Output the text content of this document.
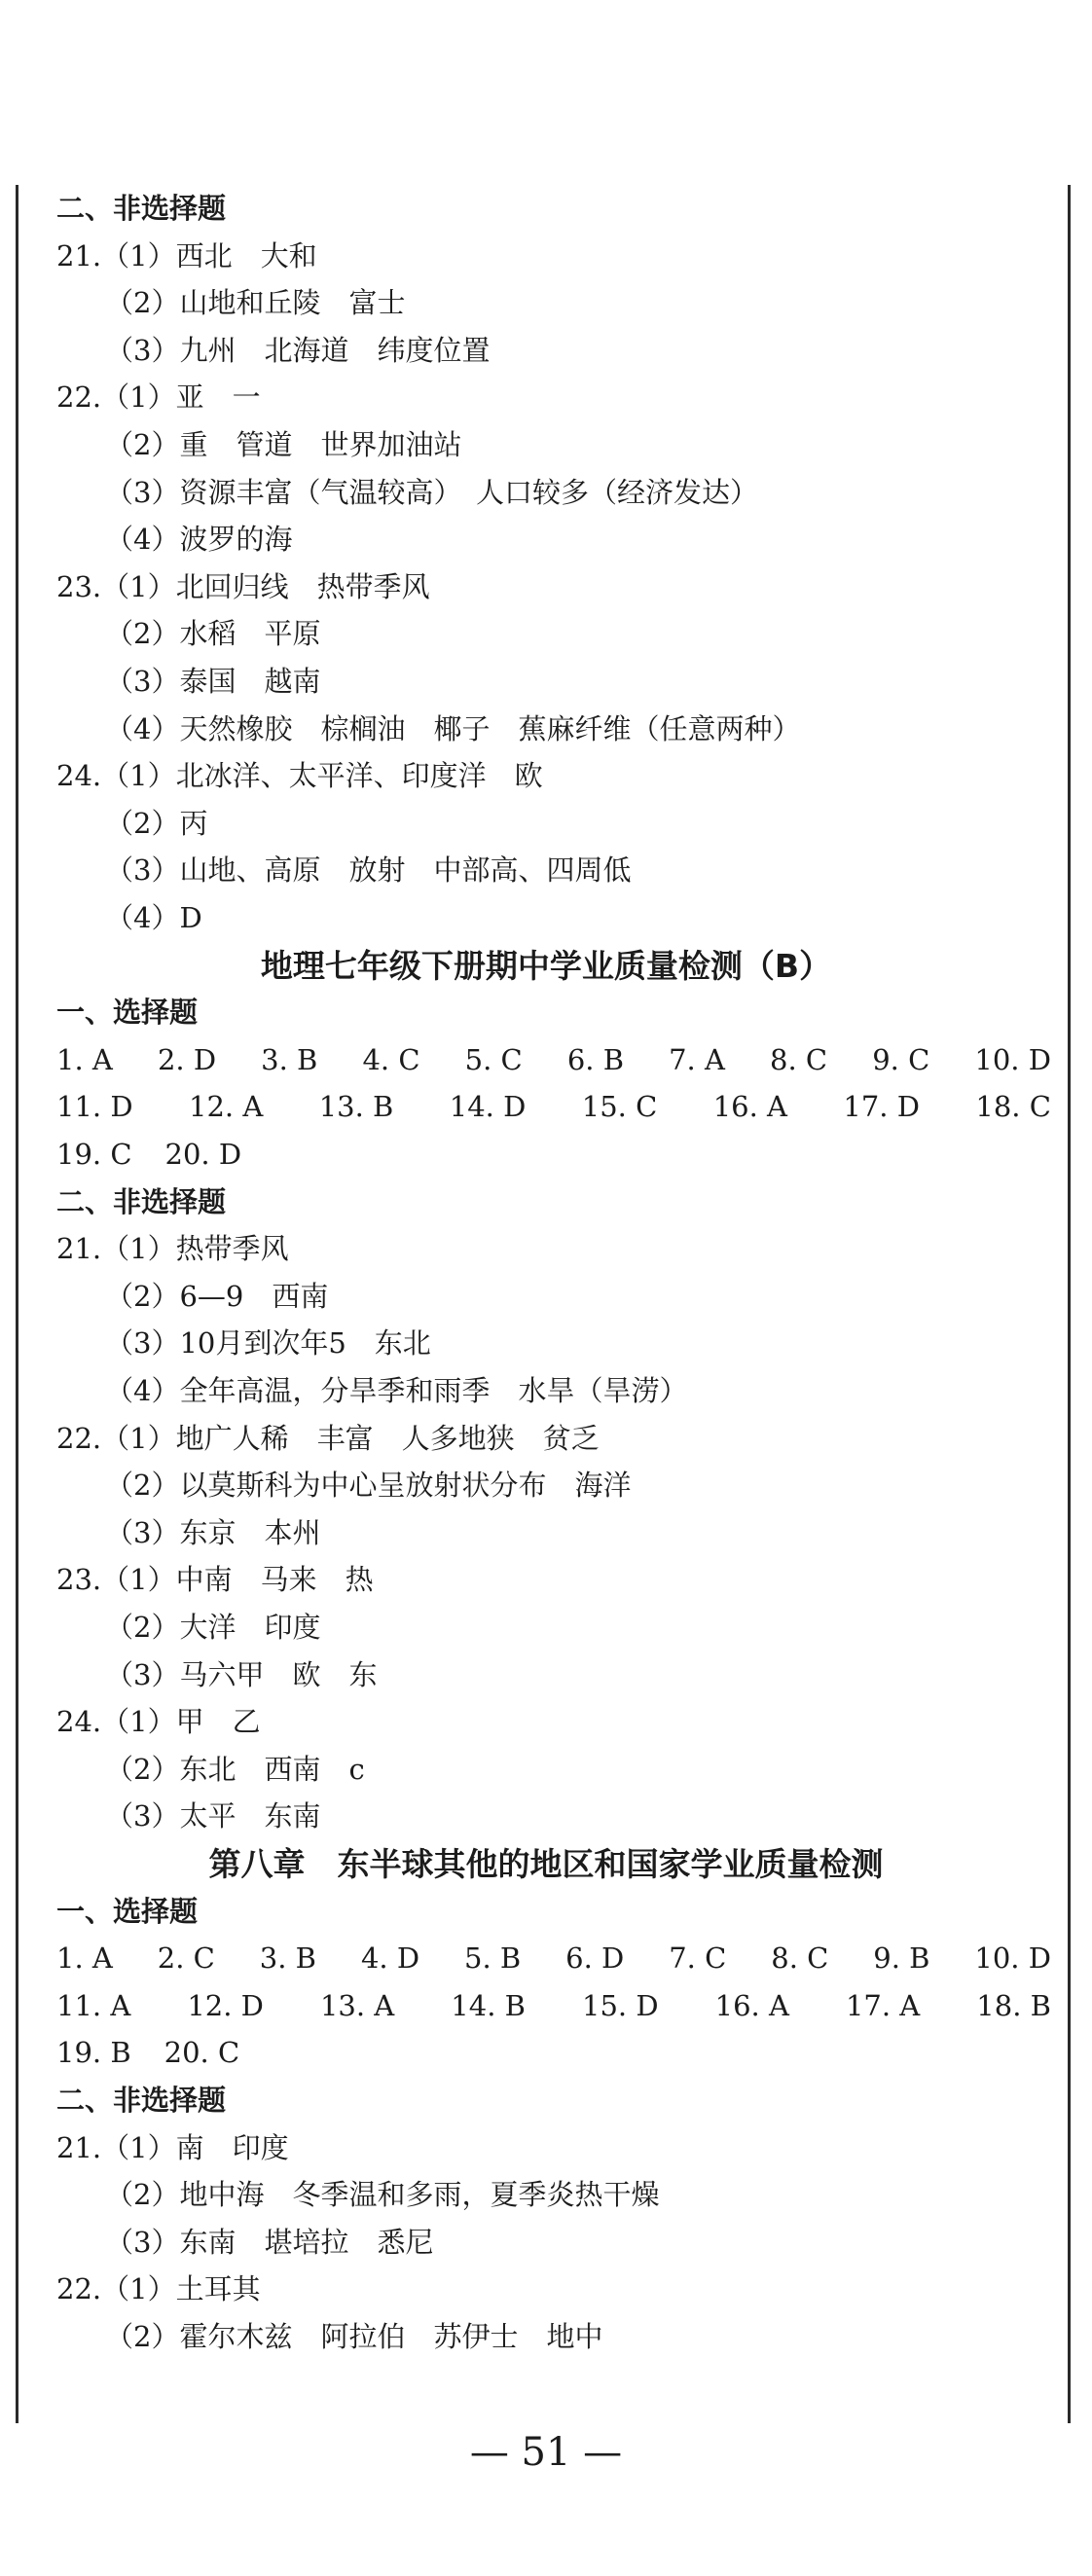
二、非选择题
21.（1）西北　大和
（2）山地和丘陵　富士
（3）九州　北海道　纬度位置
22.（1）亚　一
（2）重　管道　世界加油站
（3）资源丰富（气温较高）　人口较多（经济发达）
（4）波罗的海
23.（1）北回归线　热带季风
（2）水稻　平原
（3）泰国　越南
（4）天然橡胶　棕榈油　椰子　蕉麻纤维（任意两种）
24.（1）北冰洋、太平洋、印度洋　欧
（2）丙
（3）山地、高原　放射　中部高、四周低
（4）D
地理七年级下册期中学业质量检测（B）
一、选择题
1. A 2. D 3. B 4. C 5. C 6. B 7. A 8. C 9. C 10. D
11. D 12. A 13. B 14. D 15. C 16. A 17. D 18. C
19. C 20. D
二、非选择题
21.（1）热带季风
（2）6—9　西南
（3）10月到次年5　东北
（4）全年高温，分旱季和雨季　水旱（旱涝）
22.（1）地广人稀　丰富　人多地狭　贫乏
（2）以莫斯科为中心呈放射状分布　海洋
（3）东京　本州
23.（1）中南　马来　热
（2）大洋　印度
（3）马六甲　欧　东
24.（1）甲　乙
（2）东北　西南　c
（3）太平　东南
第八章　东半球其他的地区和国家学业质量检测
一、选择题
1. A 2. C 3. B 4. D 5. B 6. D 7. C 8. C 9. B 10. D
11. A 12. D 13. A 14. B 15. D 16. A 17. A 18. B
19. B 20. C
二、非选择题
21.（1）南　印度
（2）地中海　冬季温和多雨，夏季炎热干燥
（3）东南　堪培拉　悉尼
22.（1）土耳其
（2）霍尔木兹　阿拉伯　苏伊士　地中
— 51 —
